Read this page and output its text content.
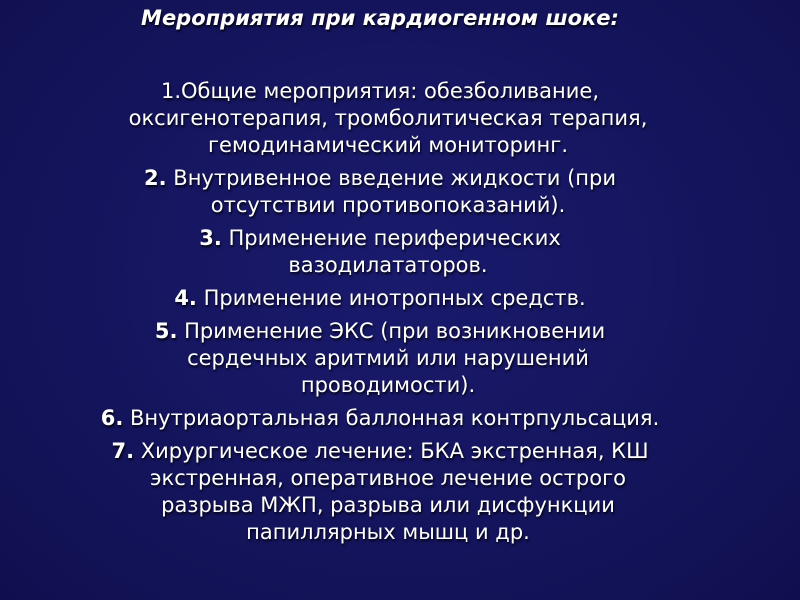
Мероприятия при кардиогенном шоке:
1.Общие мероприятия: обезболивание,
оксигенотерапия, тромболитическая терапия,
гемодинамический мониторинг.
2. Внутривенное введение жидкости (при
отсутствии противопоказаний).
3. Применение периферических
вазодилататоров.
4. Применение инотропных средств.
5. Применение ЭКС (при возникновении
сердечных аритмий или нарушений
проводимости).
6. Внутриаортальная баллонная контрпульсация.
7. Хирургическое лечение: БКА экстренная, КШ
экстренная, оперативное лечение острого
разрыва МЖП, разрыва или дисфункции
папиллярных мышц и др.
